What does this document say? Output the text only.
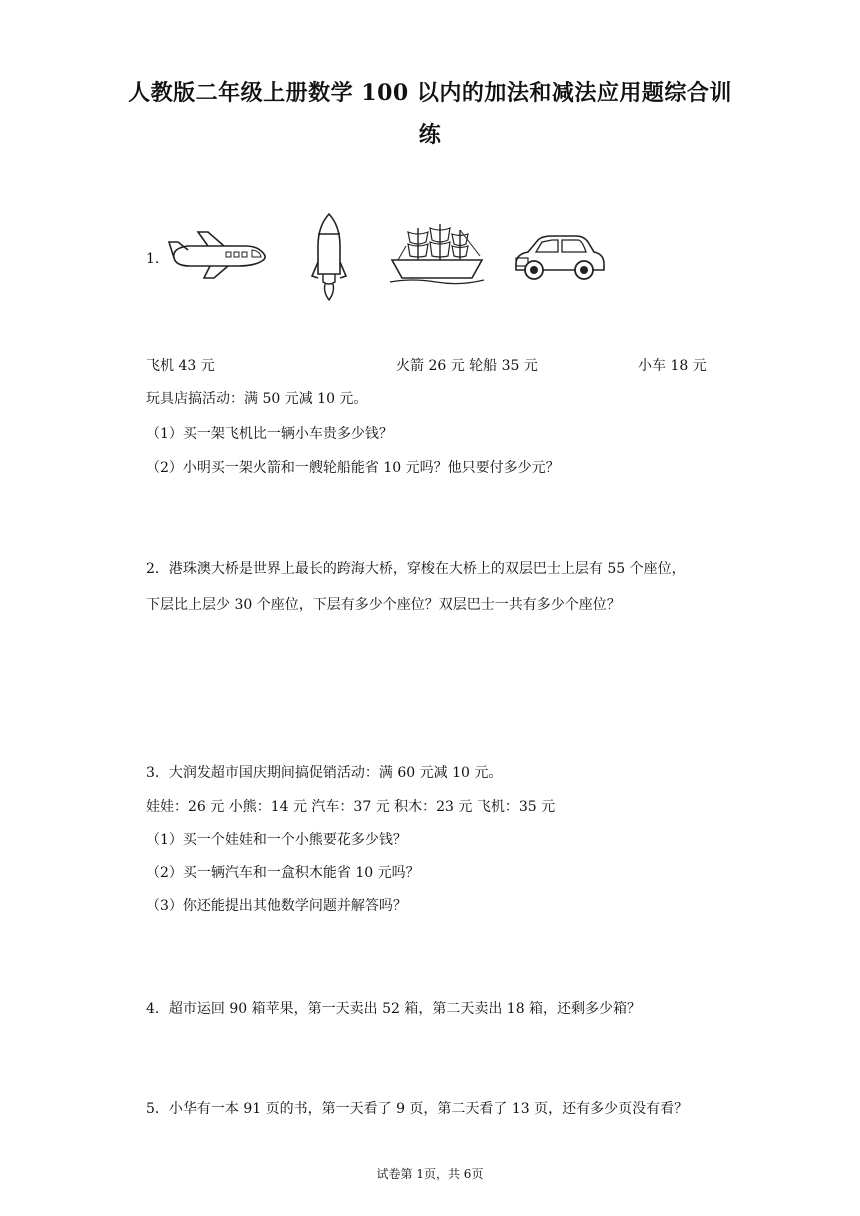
人教版二年级上册数学 100 以内的加法和减法应用题综合训
练
1．
飞机 43 元	火箭 26 元 轮船 35 元	小车 18 元
玩具店搞活动：满 50 元减 10 元。
（1）买一架飞机比一辆小车贵多少钱？
（2）小明买一架火箭和一艘轮船能省 10 元吗？他只要付多少元？
2．港珠澳大桥是世界上最长的跨海大桥，穿梭在大桥上的双层巴士上层有 55 个座位，
下层比上层少 30 个座位，下层有多少个座位？双层巴士一共有多少个座位？
3．大润发超市国庆期间搞促销活动：满 60 元减 10 元。
娃娃：26 元 小熊：14 元 汽车：37 元 积木：23 元 飞机：35 元
（1）买一个娃娃和一个小熊要花多少钱？
（2）买一辆汽车和一盒积木能省 10 元吗？
（3）你还能提出其他数学问题并解答吗？
4．超市运回 90 箱苹果，第一天卖出 52 箱，第二天卖出 18 箱，还剩多少箱？
5．小华有一本 91 页的书，第一天看了 9 页，第二天看了 13 页，还有多少页没有看？
试卷第 1页，共 6页
